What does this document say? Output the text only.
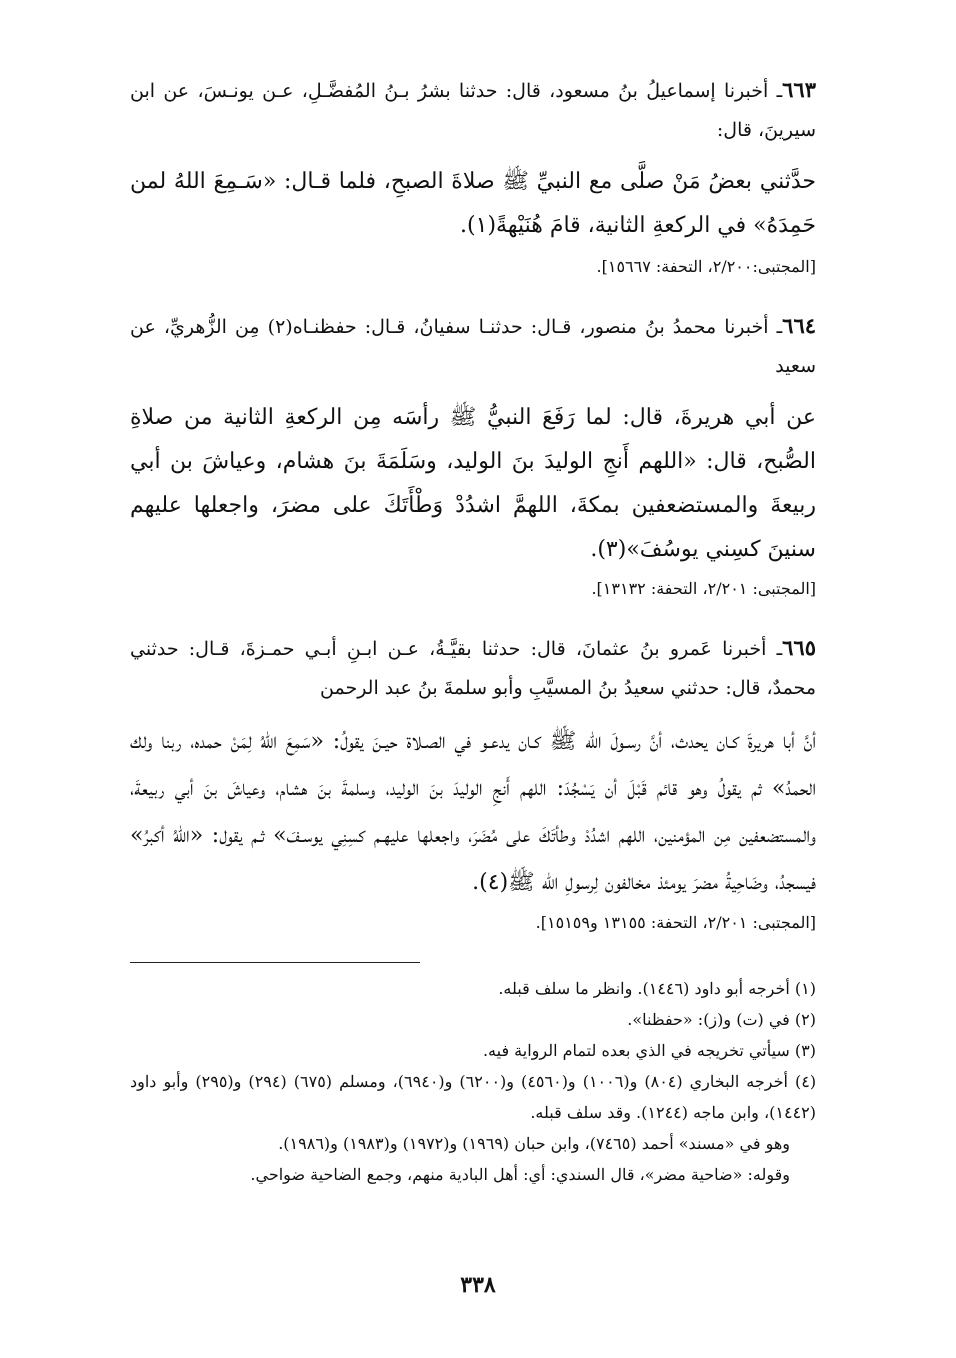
٦٦٣ـ أخبرنا إسماعيلُ بنُ مسعود، قال: حدثنا بشرُ بـنُ المُفضَّـلِ، عـن يونـسَ، عن ابن سيرينَ، قال:

حدَّثني بعضُ مَنْ صلَّى مع النبيِّ ﷺ صلاةَ الصبحِ، فلما قـال: «سَـمِعَ اللهُ لمن حَمِدَهُ» في الركعةِ الثانية، قامَ هُنَيْهةً(١).

[المجتبى:٢/٢٠٠، التحفة: ١٥٦٦٧].

٦٦٤ـ أخبرنا محمدُ بنُ منصور، قـال: حدثنـا سفيانُ، قـال: حفظنـاه(٢) مِن الزُّهريِّ، عن سعيد

عن أبي هريرةَ، قال: لما رَفَعَ النبيُّ ﷺ رأسَه مِن الركعةِ الثانية من صلاةِ الصُّبح، قال: «اللهم أَنجِ الوليدَ بنَ الوليد، وسَلَمَةَ بنَ هشام، وعياشَ بن أبي ربيعةَ والمستضعفين بمكةَ، اللهمَّ اشدُدْ وَطْأَتَكَ على مضرَ، واجعلها عليهم سنينَ كسِني يوسُفَ»(٣).

[المجتبى: ٢/٢٠١، التحفة: ١٣١٣٢].

٦٦٥ـ أخبرنا عَمرو بنُ عثمانَ، قال: حدثنا بقيَّـةُ، عـن ابـنِ أبـي حمـزةَ، قـال: حدثني محمدٌ، قال: حدثني سعيدُ بنُ المسيَّبِ وأبو سلمةَ بنُ عبد الرحمن

أنَّ أبا هريرةَ كـان يحدث، أنَّ رسـولَ الله ﷺ كـان يدعـو في الصـلاة حيـنَ يقولُ: «سَمِعَ اللهُ لِمَنْ حمده، ربنا ولك الحمدُ» ثم يقولُ وهو قائم قَبْلَ أن يَسْجُدَ: اللهم أَنجِ الوليدَ بنَ الوليد، وسلمةَ بنَ هشام، وعياشَ بنَ أبي ربيعةَ، والمستضعفين مِن المؤمنين، اللهم اشدُدْ وطأتَكَ على مُضَرَ، واجعلها عليهـم كسِنِي يوسـفَ» ثـم يقول: «اللهُ أكبرُ» فيسجدُ، وضَاحِيةُ مضرَ يومئذ مخالفون لِرسولِ الله ﷺ(٤).

[المجتبى: ٢/٢٠١، التحفة: ١٣١٥٥ و١٥١٥٩].

(١) أخرجه أبو داود (١٤٤٦). وانظر ما سلف قبله.

(٢) في (ت) و(ز): «حفظنا».

(٣) سيأتي تخريجه في الذي بعده لتمام الرواية فيه.

(٤) أخرجه البخاري (٨٠٤) و(١٠٠٦) و(٤٥٦٠) و(٦٢٠٠) و(٦٩٤٠)، ومسلم (٦٧٥) (٢٩٤) و(٢٩٥) وأبو داود (١٤٤٢)، وابن ماجه (١٢٤٤). وقد سلف قبله.

وهو في «مسند» أحمد (٧٤٦٥)، وابن حبان (١٩٦٩) و(١٩٧٢) و(١٩٨٣) و(١٩٨٦).

وقوله: «ضاحية مضر»، قال السندي: أي: أهل البادية منهم، وجمع الضاحية ضواحي.

٣٣٨
